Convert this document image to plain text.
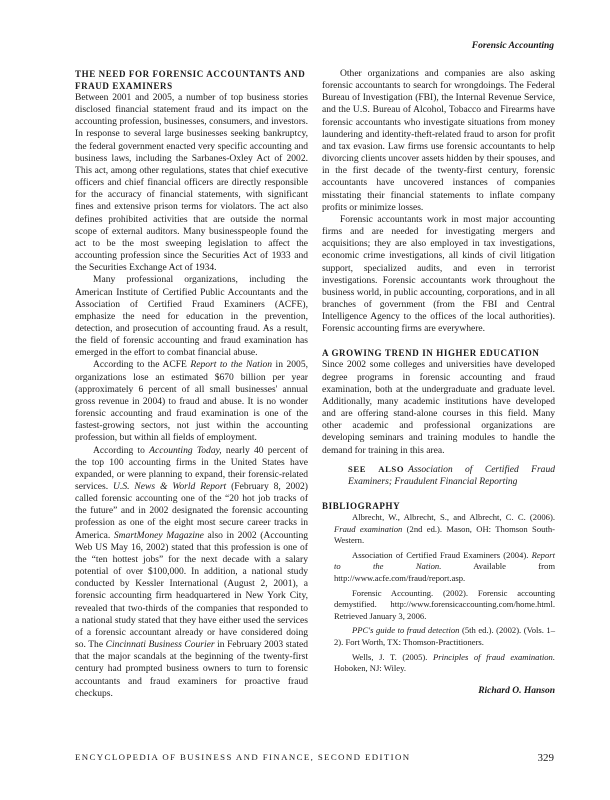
Forensic Accounting
THE NEED FOR FORENSIC ACCOUNTANTS AND FRAUD EXAMINERS

Between 2001 and 2005, a number of top business stories disclosed financial statement fraud and its impact on the accounting profession, businesses, consumers, and investors. In response to several large businesses seeking bankruptcy, the federal government enacted very specific accounting and business laws, including the Sarbanes-Oxley Act of 2002. This act, among other regulations, states that chief executive officers and chief financial officers are directly responsible for the accuracy of financial statements, with significant fines and extensive prison terms for violators. The act also defines prohibited activities that are outside the normal scope of external auditors. Many businesspeople found the act to be the most sweeping legislation to affect the accounting profession since the Securities Act of 1933 and the Securities Exchange Act of 1934.

Many professional organizations, including the American Institute of Certified Public Accountants and the Association of Certified Fraud Examiners (ACFE), emphasize the need for education in the prevention, detection, and prosecution of accounting fraud. As a result, the field of forensic accounting and fraud examination has emerged in the effort to combat financial abuse.

According to the ACFE Report to the Nation in 2005, organizations lose an estimated $670 billion per year (approximately 6 percent of all small businesses' annual gross revenue in 2004) to fraud and abuse. It is no wonder forensic accounting and fraud examination is one of the fastest-growing sectors, not just within the accounting profession, but within all fields of employment.

According to Accounting Today, nearly 40 percent of the top 100 accounting firms in the United States have expanded, or were planning to expand, their forensic-related services. U.S. News & World Report (February 8, 2002) called forensic accounting one of the “20 hot job tracks of the future” and in 2002 designated the forensic accounting profession as one of the eight most secure career tracks in America. SmartMoney Magazine also in 2002 (Accounting Web US May 16, 2002) stated that this profession is one of the “ten hottest jobs” for the next decade with a salary potential of over $100,000. In addition, a national study conducted by Kessler International (August 2, 2001), a forensic accounting firm headquartered in New York City, revealed that two-thirds of the companies that responded to a national study stated that they have either used the services of a forensic accountant already or have considered doing so. The Cincinnati Business Courier in February 2003 stated that the major scandals at the beginning of the twenty-first century had prompted business owners to turn to forensic accountants and fraud examiners for proactive fraud checkups.

Other organizations and companies are also asking forensic accountants to search for wrongdoings. The Federal Bureau of Investigation (FBI), the Internal Revenue Service, and the U.S. Bureau of Alcohol, Tobacco and Firearms have forensic accountants who investigate situations from money laundering and identity-theft-related fraud to arson for profit and tax evasion. Law firms use forensic accountants to help divorcing clients uncover assets hidden by their spouses, and in the first decade of the twenty-first century, forensic accountants have uncovered instances of companies misstating their financial statements to inflate company profits or minimize losses.

Forensic accountants work in most major accounting firms and are needed for investigating mergers and acquisitions; they are also employed in tax investigations, economic crime investigations, all kinds of civil litigation support, specialized audits, and even in terrorist investigations. Forensic accountants work throughout the business world, in public accounting, corporations, and in all branches of government (from the FBI and Central Intelligence Agency to the offices of the local authorities). Forensic accounting firms are everywhere.

A GROWING TREND IN HIGHER EDUCATION

Since 2002 some colleges and universities have developed degree programs in forensic accounting and fraud examination, both at the undergraduate and graduate level. Additionally, many academic institutions have developed and are offering stand-alone courses in this field. Many other academic and professional organizations are developing seminars and training modules to handle the demand for training in this area.

SEE ALSO Association of Certified Fraud Examiners; Fraudulent Financial Reporting

BIBLIOGRAPHY

Albrecht, W., Albrecht, S., and Albrecht, C. C. (2006). Fraud examination (2nd ed.). Mason, OH: Thomson South-Western.

Association of Certified Fraud Examiners (2004). Report to the Nation. Available from http://www.acfe.com/fraud/report.asp.

Forensic Accounting. (2002). Forensic accounting demystified. http://www.forensicaccounting.com/home.html. Retrieved January 3, 2006.

PPC's guide to fraud detection (5th ed.). (2002). (Vols. 1–2). Fort Worth, TX: Thomson-Practitioners.

Wells, J. T. (2005). Principles of fraud examination. Hoboken, NJ: Wiley.

Richard O. Hanson
ENCYCLOPEDIA OF BUSINESS AND FINANCE, SECOND EDITION	329
